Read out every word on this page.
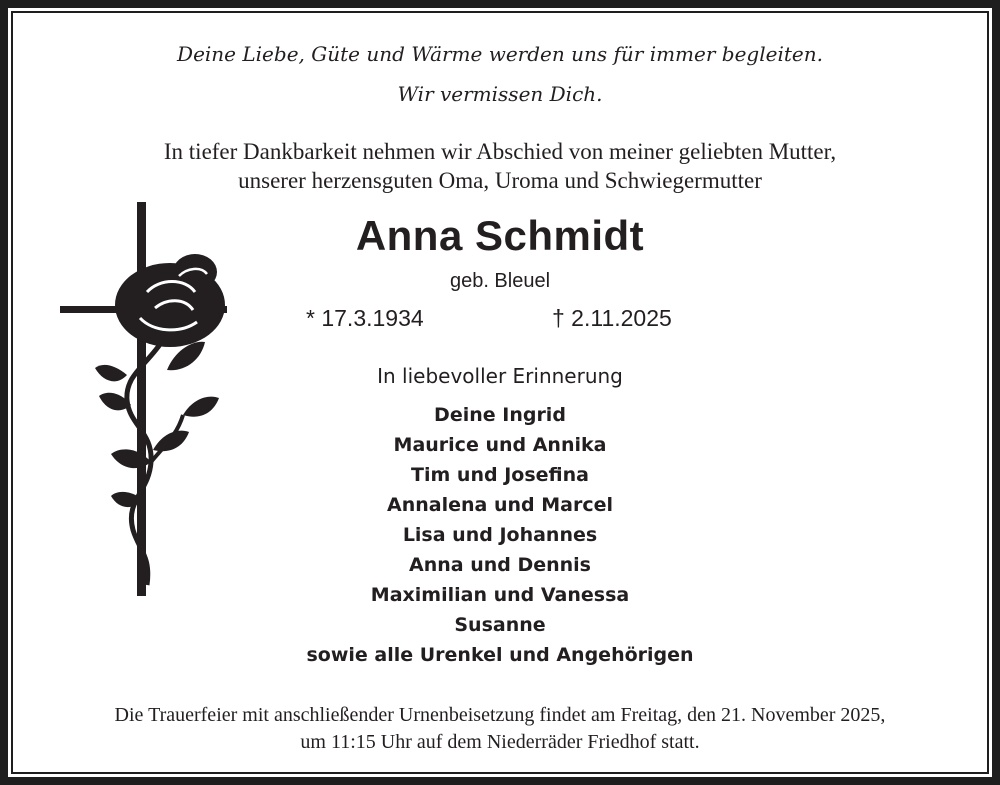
Deine Liebe, Güte und Wärme werden uns für immer begleiten.
Wir vermissen Dich.
In tiefer Dankbarkeit nehmen wir Abschied von meiner geliebten Mutter,
unserer herzensguten Oma, Uroma und Schwiegermutter
Anna Schmidt
geb. Bleuel
* 17.3.1934	† 2.11.2025
In liebevoller Erinnerung
Deine Ingrid
Maurice und Annika
Tim und Josefina
Annalena und Marcel
Lisa und Johannes
Anna und Dennis
Maximilian und Vanessa
Susanne
sowie alle Urenkel und Angehörigen
Die Trauerfeier mit anschließender Urnenbeisetzung findet am Freitag, den 21. November 2025,
um 11:15 Uhr auf dem Niederräder Friedhof statt.
